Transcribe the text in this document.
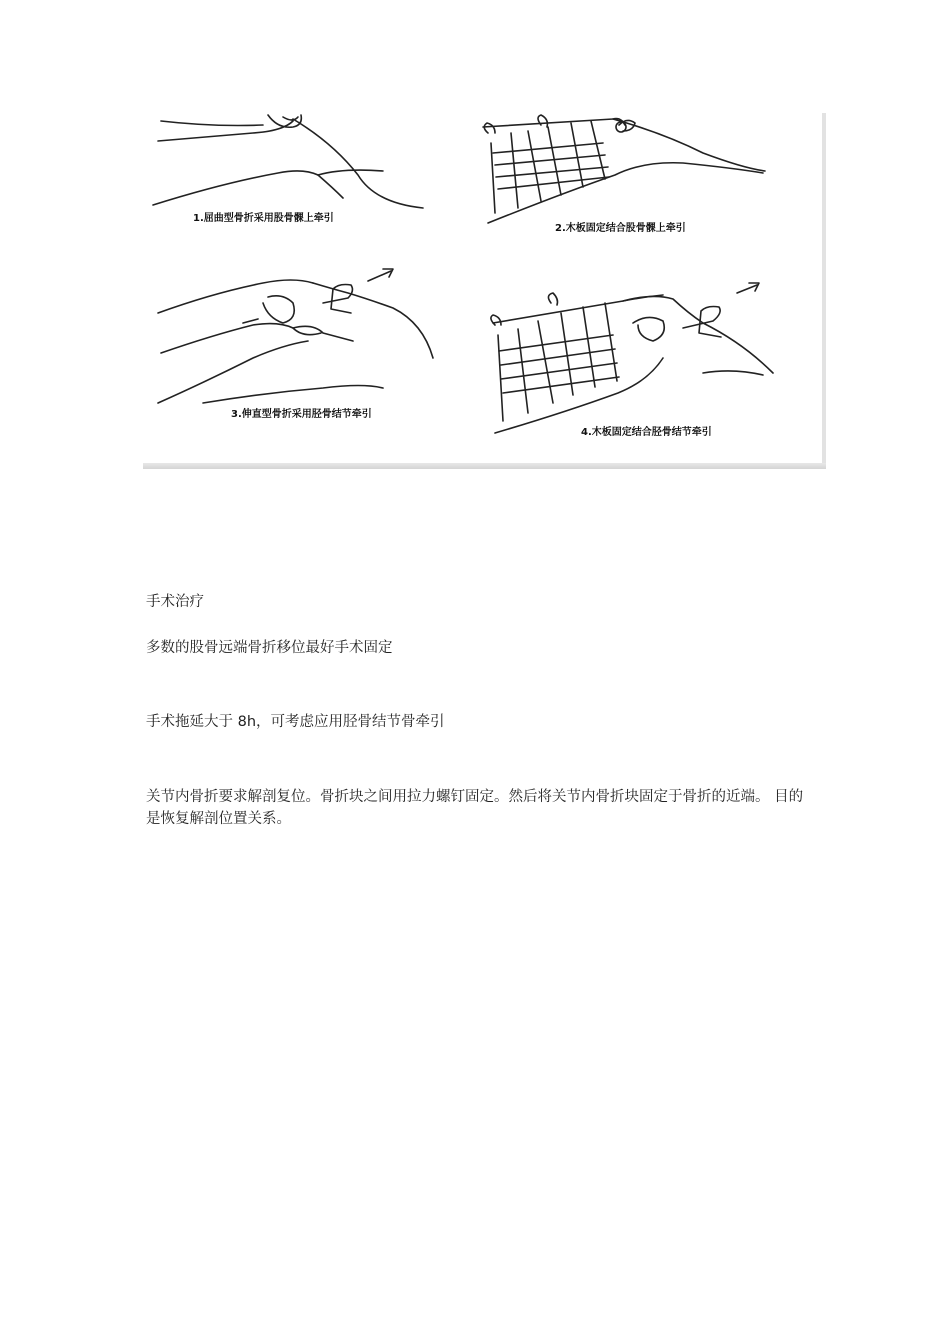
1.屈曲型骨折采用股骨髁上牵引
2.木板固定结合股骨髁上牵引
3.伸直型骨折采用胫骨结节牵引
4.木板固定结合胫骨结节牵引
手术治疗
多数的股骨远端骨折移位最好手术固定
手术拖延大于 8h，可考虑应用胫骨结节骨牵引
关节内骨折要求解剖复位。骨折块之间用拉力螺钉固定。然后将关节内骨折块固定于骨折的近端。 目的是恢复解剖位置关系。
